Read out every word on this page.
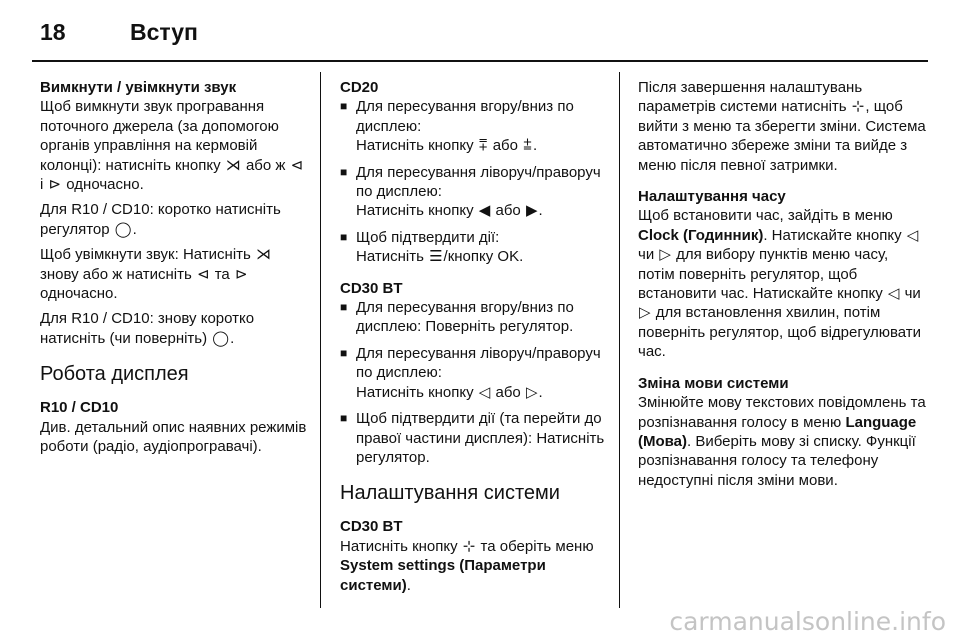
18	Вступ
Вимкнути / увімкнути звук

Щоб вимкнути звук програвання поточного джерела (за допомогою органів управління на кермовій колонці): натисніть кнопку ⋊ або ж ⊲ і ⊳ одночасно.

Для R10 / CD10: коротко натисніть регулятор ◯.

Щоб увімкнути звук: Натисніть ⋊ знову або ж натисніть ⊲ та ⊳ одночасно.

Для R10 / CD10: знову коротко натисніть (чи поверніть) ◯.

Робота дисплея
R10 / CD10

Див. детальний опис наявних режимів роботи (радіо, аудіопрогравачі).

CD20
■ Для пересування вгору/вниз по дисплею:
Натисніть кнопку ⩱ або ⩲.
■ Для пересування ліворуч/праворуч по дисплею:
Натисніть кнопку ◀ або ▶.
■ Щоб підтвердити дії:
Натисніть ☰/кнопку OK.
CD30 BT
■ Для пересування вгору/вниз по дисплею: Поверніть регулятор.
■ Для пересування ліворуч/праворуч по дисплею:
Натисніть кнопку ◁ або ▷.
■ Щоб підтвердити дії (та перейти до правої частини дисплея): Натисніть регулятор.
Налаштування системи
CD30 BT

Натисніть кнопку ⊹ та оберіть меню System settings (Параметри системи).

Після завершення налаштувань параметрів системи натисніть ⊹, щоб вийти з меню та зберегти зміни. Система автоматично збереже зміни та вийде з меню після певної затримки.

Налаштування часу

Щоб встановити час, зайдіть в меню Clock (Годинник). Натискайте кнопку ◁ чи ▷ для вибору пунктів меню часу, потім поверніть регулятор, щоб встановити час. Натискайте кнопку ◁ чи ▷ для встановлення хвилин, потім поверніть регулятор, щоб відрегулювати час.

Зміна мови системи

Змінюйте мову текстових повідомлень та розпізнавання голосу в меню Language (Мова). Виберіть мову зі списку. Функції розпізнавання голосу та телефону недоступні після зміни мови.

carmanualsonline.info
